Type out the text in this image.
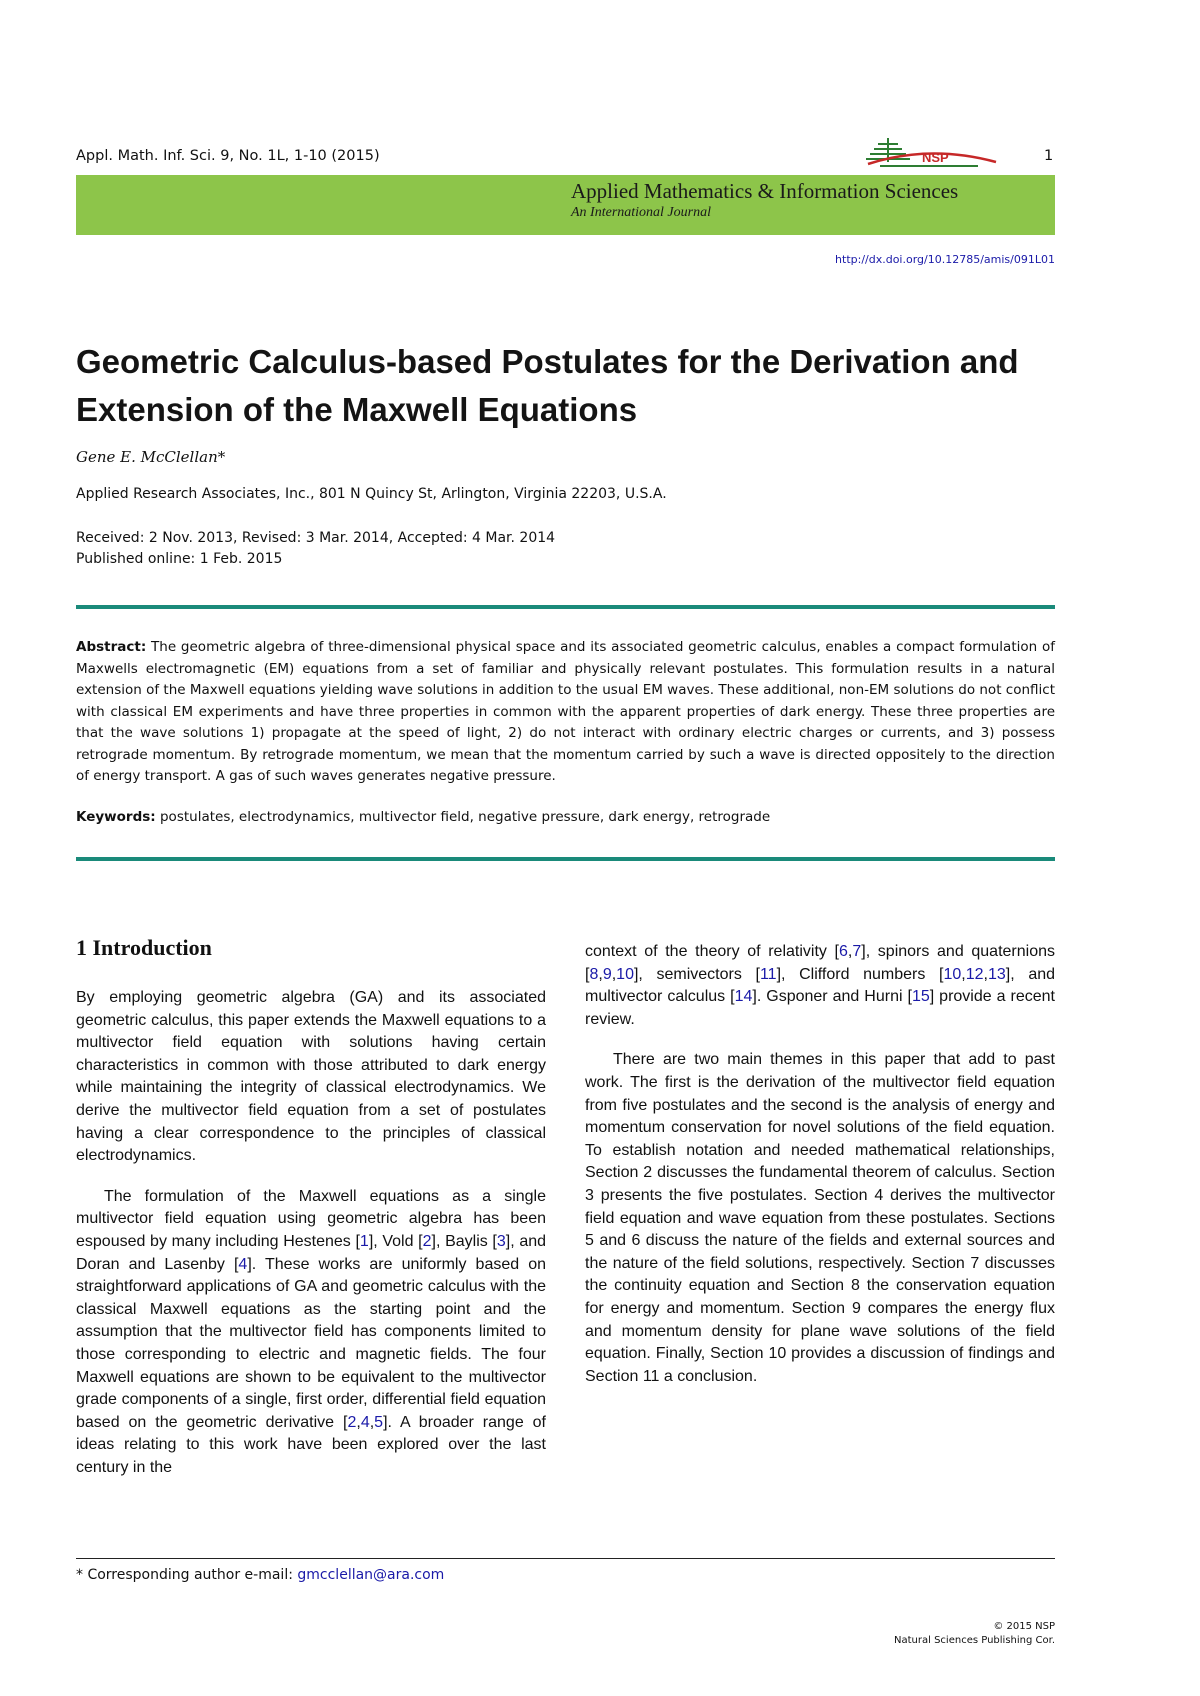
Appl. Math. Inf. Sci. 9, No. 1L, 1-10 (2015)	1
NSP
Applied Mathematics & Information Sciences
An International Journal
http://dx.doi.org/10.12785/amis/091L01
Geometric Calculus-based Postulates for the Derivation and Extension of the Maxwell Equations
Gene E. McClellan*
Applied Research Associates, Inc., 801 N Quincy St, Arlington, Virginia 22203, U.S.A.
Received: 2 Nov. 2013, Revised: 3 Mar. 2014, Accepted: 4 Mar. 2014
Published online: 1 Feb. 2015
Abstract: The geometric algebra of three-dimensional physical space and its associated geometric calculus, enables a compact formulation of Maxwells electromagnetic (EM) equations from a set of familiar and physically relevant postulates. This formulation results in a natural extension of the Maxwell equations yielding wave solutions in addition to the usual EM waves. These additional, non-EM solutions do not conflict with classical EM experiments and have three properties in common with the apparent properties of dark energy. These three properties are that the wave solutions 1) propagate at the speed of light, 2) do not interact with ordinary electric charges or currents, and 3) possess retrograde momentum. By retrograde momentum, we mean that the momentum carried by such a wave is directed oppositely to the direction of energy transport. A gas of such waves generates negative pressure.
Keywords: postulates, electrodynamics, multivector field, negative pressure, dark energy, retrograde
1 Introduction

By employing geometric algebra (GA) and its associated geometric calculus, this paper extends the Maxwell equations to a multivector field equation with solutions having certain characteristics in common with those attributed to dark energy while maintaining the integrity of classical electrodynamics. We derive the multivector field equation from a set of postulates having a clear correspondence to the principles of classical electrodynamics.

The formulation of the Maxwell equations as a single multivector field equation using geometric algebra has been espoused by many including Hestenes [1], Vold [2], Baylis [3], and Doran and Lasenby [4]. These works are uniformly based on straightforward applications of GA and geometric calculus with the classical Maxwell equations as the starting point and the assumption that the multivector field has components limited to those corresponding to electric and magnetic fields. The four Maxwell equations are shown to be equivalent to the multivector grade components of a single, first order, differential field equation based on the geometric derivative [2,4,5]. A broader range of ideas relating to this work have been explored over the last century in the

context of the theory of relativity [6,7], spinors and quaternions [8,9,10], semivectors [11], Clifford numbers [10,12,13], and multivector calculus [14]. Gsponer and Hurni [15] provide a recent review.

There are two main themes in this paper that add to past work. The first is the derivation of the multivector field equation from five postulates and the second is the analysis of energy and momentum conservation for novel solutions of the field equation. To establish notation and needed mathematical relationships, Section 2 discusses the fundamental theorem of calculus. Section 3 presents the five postulates. Section 4 derives the multivector field equation and wave equation from these postulates. Sections 5 and 6 discuss the nature of the fields and external sources and the nature of the field solutions, respectively. Section 7 discusses the continuity equation and Section 8 the conservation equation for energy and momentum. Section 9 compares the energy flux and momentum density for plane wave solutions of the field equation. Finally, Section 10 provides a discussion of findings and Section 11 a conclusion.

* Corresponding author e-mail: gmcclellan@ara.com
© 2015 NSP
Natural Sciences Publishing Cor.
